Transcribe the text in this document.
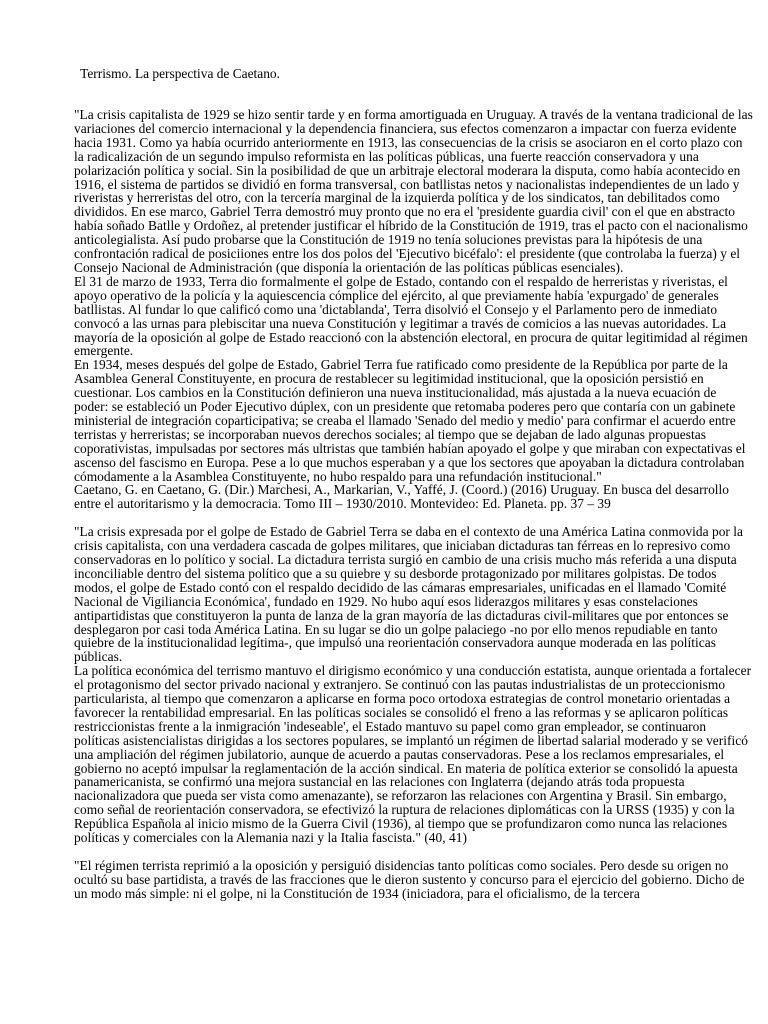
Terrismo. La perspectiva de Caetano.

"La crisis capitalista de 1929 se hizo sentir tarde y en forma amortiguada en Uruguay. A través de la ventana tradicional de las variaciones del comercio internacional y la dependencia financiera, sus efectos comenzaron a impactar con fuerza evidente hacia 1931. Como ya había ocurrido anteriormente en 1913, las consecuencias de la crisis se asociaron en el corto plazo con la radicalización de un segundo impulso reformista en las políticas públicas, una fuerte reacción conservadora y una polarización política y social. Sin la posibilidad de que un arbitraje electoral moderara la disputa, como había acontecido en 1916, el sistema de partidos se dividió en forma transversal, con batllistas netos y nacionalistas independientes de un lado y riveristas y herreristas del otro, con la tercería marginal de la izquierda política y de los sindicatos, tan debilitados como divididos. En ese marco, Gabriel Terra demostró muy pronto que no era el 'presidente guardia civil' con el que en abstracto había soñado Batlle y Ordoñez, al pretender justificar el híbrido de la Constitución de 1919, tras el pacto con el nacionalismo anticolegialista. Así pudo probarse que la Constitución de 1919 no tenía soluciones previstas para la hipótesis de una confrontación radical de posiciiones entre los dos polos del 'Ejecutivo bicéfalo': el presidente (que controlaba la fuerza) y el Consejo Nacional de Administración (que disponía la orientación de las políticas públicas esenciales).

El 31 de marzo de 1933, Terra dio formalmente el golpe de Estado, contando con el respaldo de herreristas y riveristas, el apoyo operativo de la policía y la aquiescencia cómplice del ejército, al que previamente había 'expurgado' de generales batllistas. Al fundar lo que calificó como una 'dictablanda', Terra disolvió el Consejo y el Parlamento pero de inmediato convocó a las urnas para plebiscitar una nueva Constitución y legitimar a través de comicios a las nuevas autoridades. La mayoría de la oposición al golpe de Estado reaccionó con la abstención electoral, en procura de quitar legitimidad al régimen emergente.

En 1934, meses después del golpe de Estado, Gabriel Terra fue ratificado como presidente de la República por parte de la Asamblea General Constituyente, en procura de restablecer su legitimidad institucional, que la oposición persistió en cuestionar. Los cambios en la Constitución definieron una nueva institucionalidad, más ajustada a la nueva ecuación de poder: se estableció un Poder Ejecutivo dúplex, con un presidente que retomaba poderes pero que contaría con un gabinete ministerial de integración coparticipativa; se creaba el llamado 'Senado del medio y medio' para confirmar el acuerdo entre terristas y herreristas; se incorporaban nuevos derechos sociales; al tiempo que se dejaban de lado algunas propuestas coporativistas, impulsadas por sectores más ultristas que también habían apoyado el golpe y que miraban con expectativas el ascenso del fascismo en Europa. Pese a lo que muchos esperaban y a que los sectores que apoyaban la dictadura controlaban cómodamente a la Asamblea Constituyente, no hubo respaldo para una refundación institucional."

Caetano, G. en Caetano, G. (Dir.) Marchesi, A., Markarian, V., Yaffé, J. (Coord.) (2016) Uruguay. En busca del desarrollo entre el autoritarismo y la democracia. Tomo III – 1930/2010. Montevideo: Ed. Planeta. pp. 37 – 39

"La crisis expresada por el golpe de Estado de Gabriel Terra se daba en el contexto de una América Latina conmovida por la crisis capitalista, con una verdadera cascada de golpes militares, que iniciaban dictaduras tan férreas en lo represivo como conservadoras en lo político y social. La dictadura terrista surgió en cambio de una crisis mucho más referida a una disputa inconciliable dentro del sistema político que a su quiebre y su desborde protagonizado por militares golpistas. De todos modos, el golpe de Estado contó con el respaldo decidido de las cámaras empresariales, unificadas en el llamado 'Comité Nacional de Vigiliancia Económica', fundado en 1929. No hubo aquí esos liderazgos militares y esas constelaciones antipartidistas que constituyeron la punta de lanza de la gran mayoría de las dictaduras civil-militares que por entonces se desplegaron por casi toda América Latina. En su lugar se dio un golpe palaciego -no por ello menos repudiable en tanto quiebre de la institucionalidad legítima-, que impulsó una reorientación conservadora aunque moderada en las políticas públicas.

La política económica del terrismo mantuvo el dirigismo económico y una conducción estatista, aunque orientada a fortalecer el protagonismo del sector privado nacional y extranjero. Se continuó con las pautas industrialistas de un proteccionismo particularista, al tiempo que comenzaron a aplicarse en forma poco ortodoxa estrategias de control monetario orientadas a favorecer la rentabilidad empresarial. En las políticas sociales se consolidó el freno a las reformas y se aplicaron políticas restriccionistas frente a la inmigración 'indeseable', el Estado mantuvo su papel como gran empleador, se continuaron políticas asistencialistas dirigidas a los sectores populares, se implantó un régimen de libertad salarial moderado y se verificó una ampliación del régimen jubilatorio, aunque de acuerdo a pautas conservadoras. Pese a los reclamos empresariales, el gobierno no aceptó impulsar la reglamentación de la acción sindical. En materia de política exterior se consolidó la apuesta panamericanista, se confirmó una mejora sustancial en las relaciones con Inglaterra (dejando atrás toda propuesta nacionalizadora que pueda ser vista como amenazante), se reforzaron las relaciones con Argentina y Brasil. Sin embargo, como señal de reorientación conservadora, se efectivizó la ruptura de relaciones diplomáticas con la URSS (1935) y con la República Española al inicio mismo de la Guerra Civil (1936), al tiempo que se profundizaron como nunca las relaciones políticas y comerciales con la Alemania nazi y la Italia fascista." (40, 41)

"El régimen terrista reprimió a la oposición y persiguió disidencias tanto políticas como sociales. Pero desde su origen no ocultó su base partidista, a través de las fracciones que le dieron sustento y concurso para el ejercicio del gobierno. Dicho de un modo más simple: ni el golpe, ni la Constitución de 1934 (iniciadora, para el oficialismo, de la tercera
